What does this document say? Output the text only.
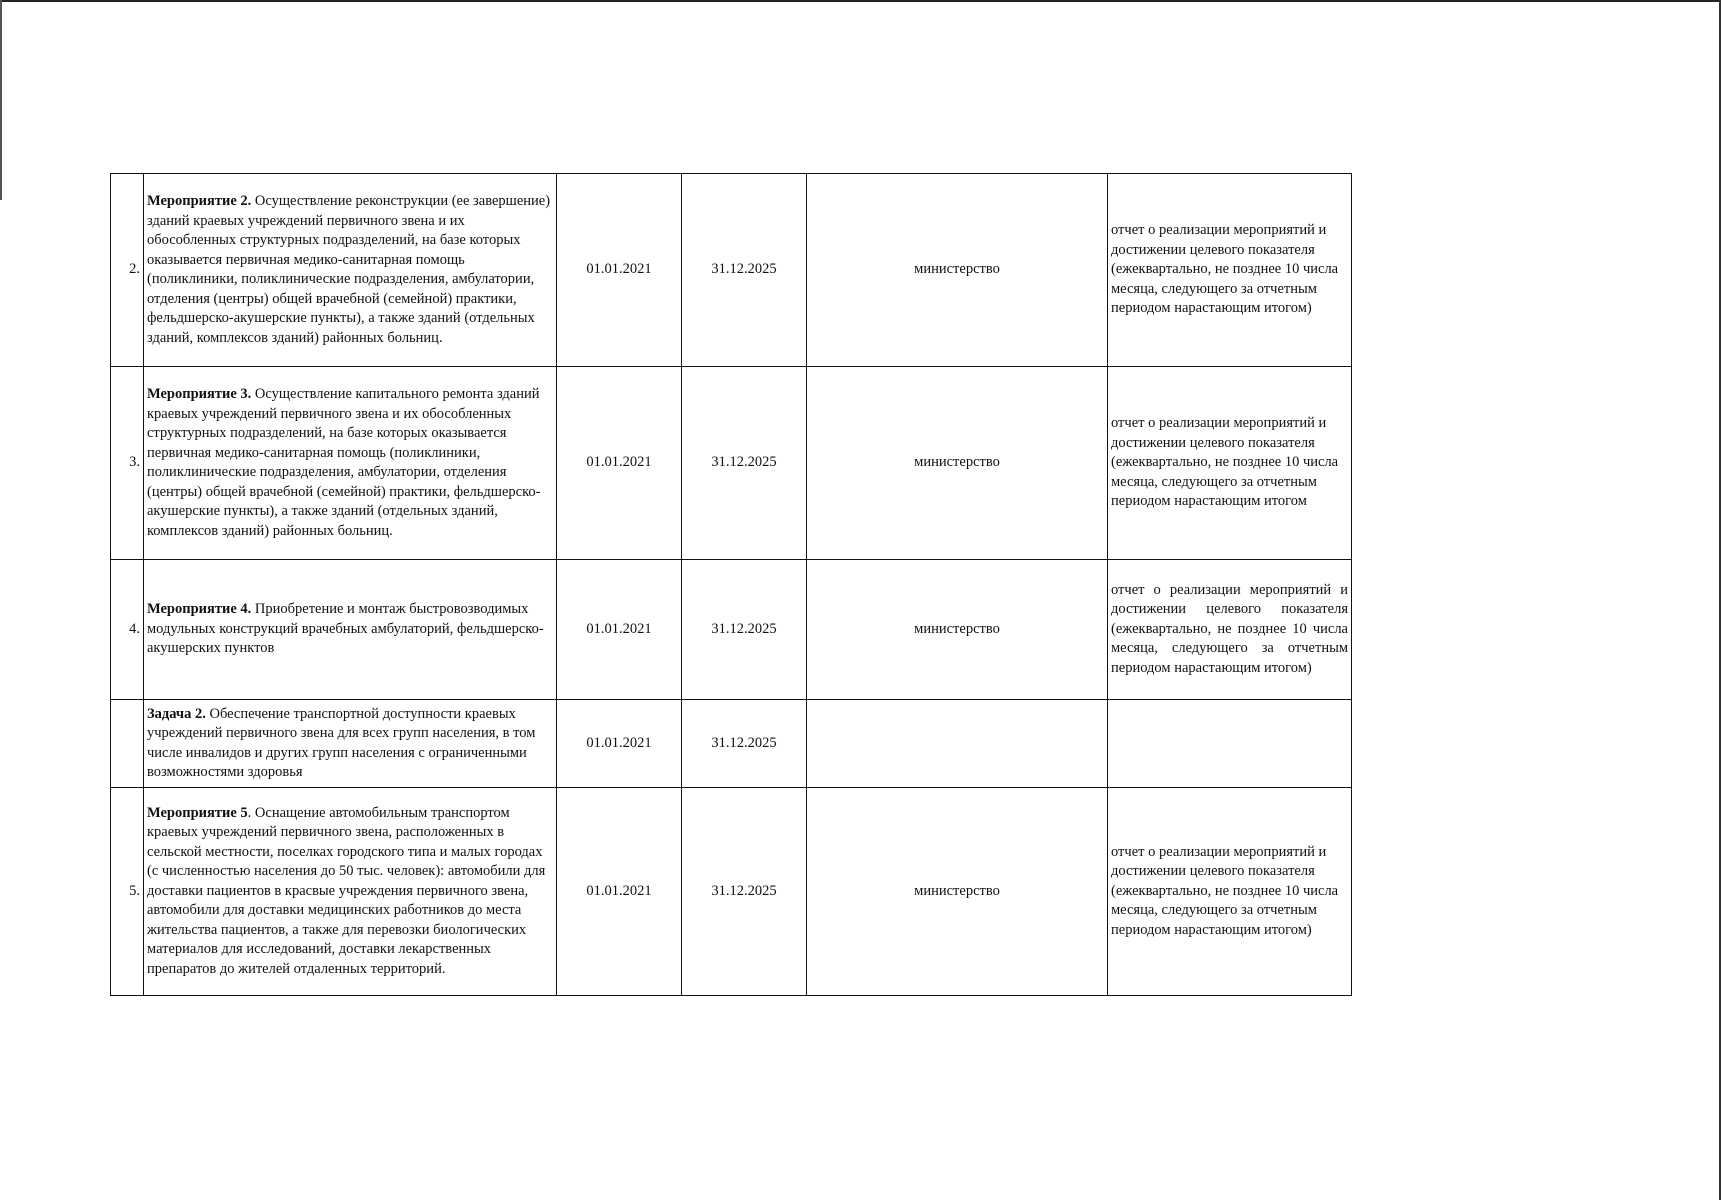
2.	Мероприятие 2. Осуществление реконструкции (ее завершение) зданий краевых учреждений первичного звена и их обособленных структурных подразделений, на базе которых оказывается первичная медико-санитарная помощь (поликлиники, поликлинические подразделения, амбулатории, отделения (центры) общей врачебной (семейной) практики, фельдшерско-акушерские пункты), а также зданий (отдельных зданий, комплексов зданий) районных больниц.	01.01.2021	31.12.2025	министерство	отчет о реализации мероприятий и достижении целевого показателя (ежеквартально, не позднее 10 числа месяца, следующего за отчетным периодом нарастающим итогом)
3.	Мероприятие 3. Осуществление капитального ремонта зданий краевых учреждений первичного звена и их обособленных структурных подразделений, на базе которых оказывается первичная медико-санитарная помощь (поликлиники, поликлинические подразделения, амбулатории, отделения (центры) общей врачебной (семейной) практики, фельдшерско-акушерские пункты), а также зданий (отдельных зданий, комплексов зданий) районных больниц.	01.01.2021	31.12.2025	министерство	отчет о реализации мероприятий и достижении целевого показателя (ежеквартально, не позднее 10 числа месяца, следующего за отчетным периодом нарастающим итогом
4.	Мероприятие 4. Приобретение и монтаж быстровозводимых модульных конструкций врачебных амбулаторий, фельдшерско-акушерских пунктов	01.01.2021	31.12.2025	министерство	отчет о реализации мероприятий и достижении целевого показателя (ежеквартально, не позднее 10 числа месяца, следующего за отчетным периодом нарастающим итогом)
	Задача 2. Обеспечение транспортной доступности краевых учреждений первичного звена для всех групп населения, в том числе инвалидов и других групп населения с ограниченными возможностями здоровья	01.01.2021	31.12.2025		
5.	Мероприятие 5. Оснащение автомобильным транспортом краевых учреждений первичного звена, расположенных в сельской местности, поселках городского типа и малых городах (с численностью населения до 50 тыс. человек): автомобили для доставки пациентов в красвые учреждения первичного звена, автомобили для доставки медицинских работников до места жительства пациентов, а также для перевозки биологических материалов для исследований, доставки лекарственных препаратов до жителей отдаленных территорий.	01.01.2021	31.12.2025	министерство	отчет о реализации мероприятий и достижении целевого показателя (ежеквартально, не позднее 10 числа месяца, следующего за отчетным периодом нарастающим итогом)
